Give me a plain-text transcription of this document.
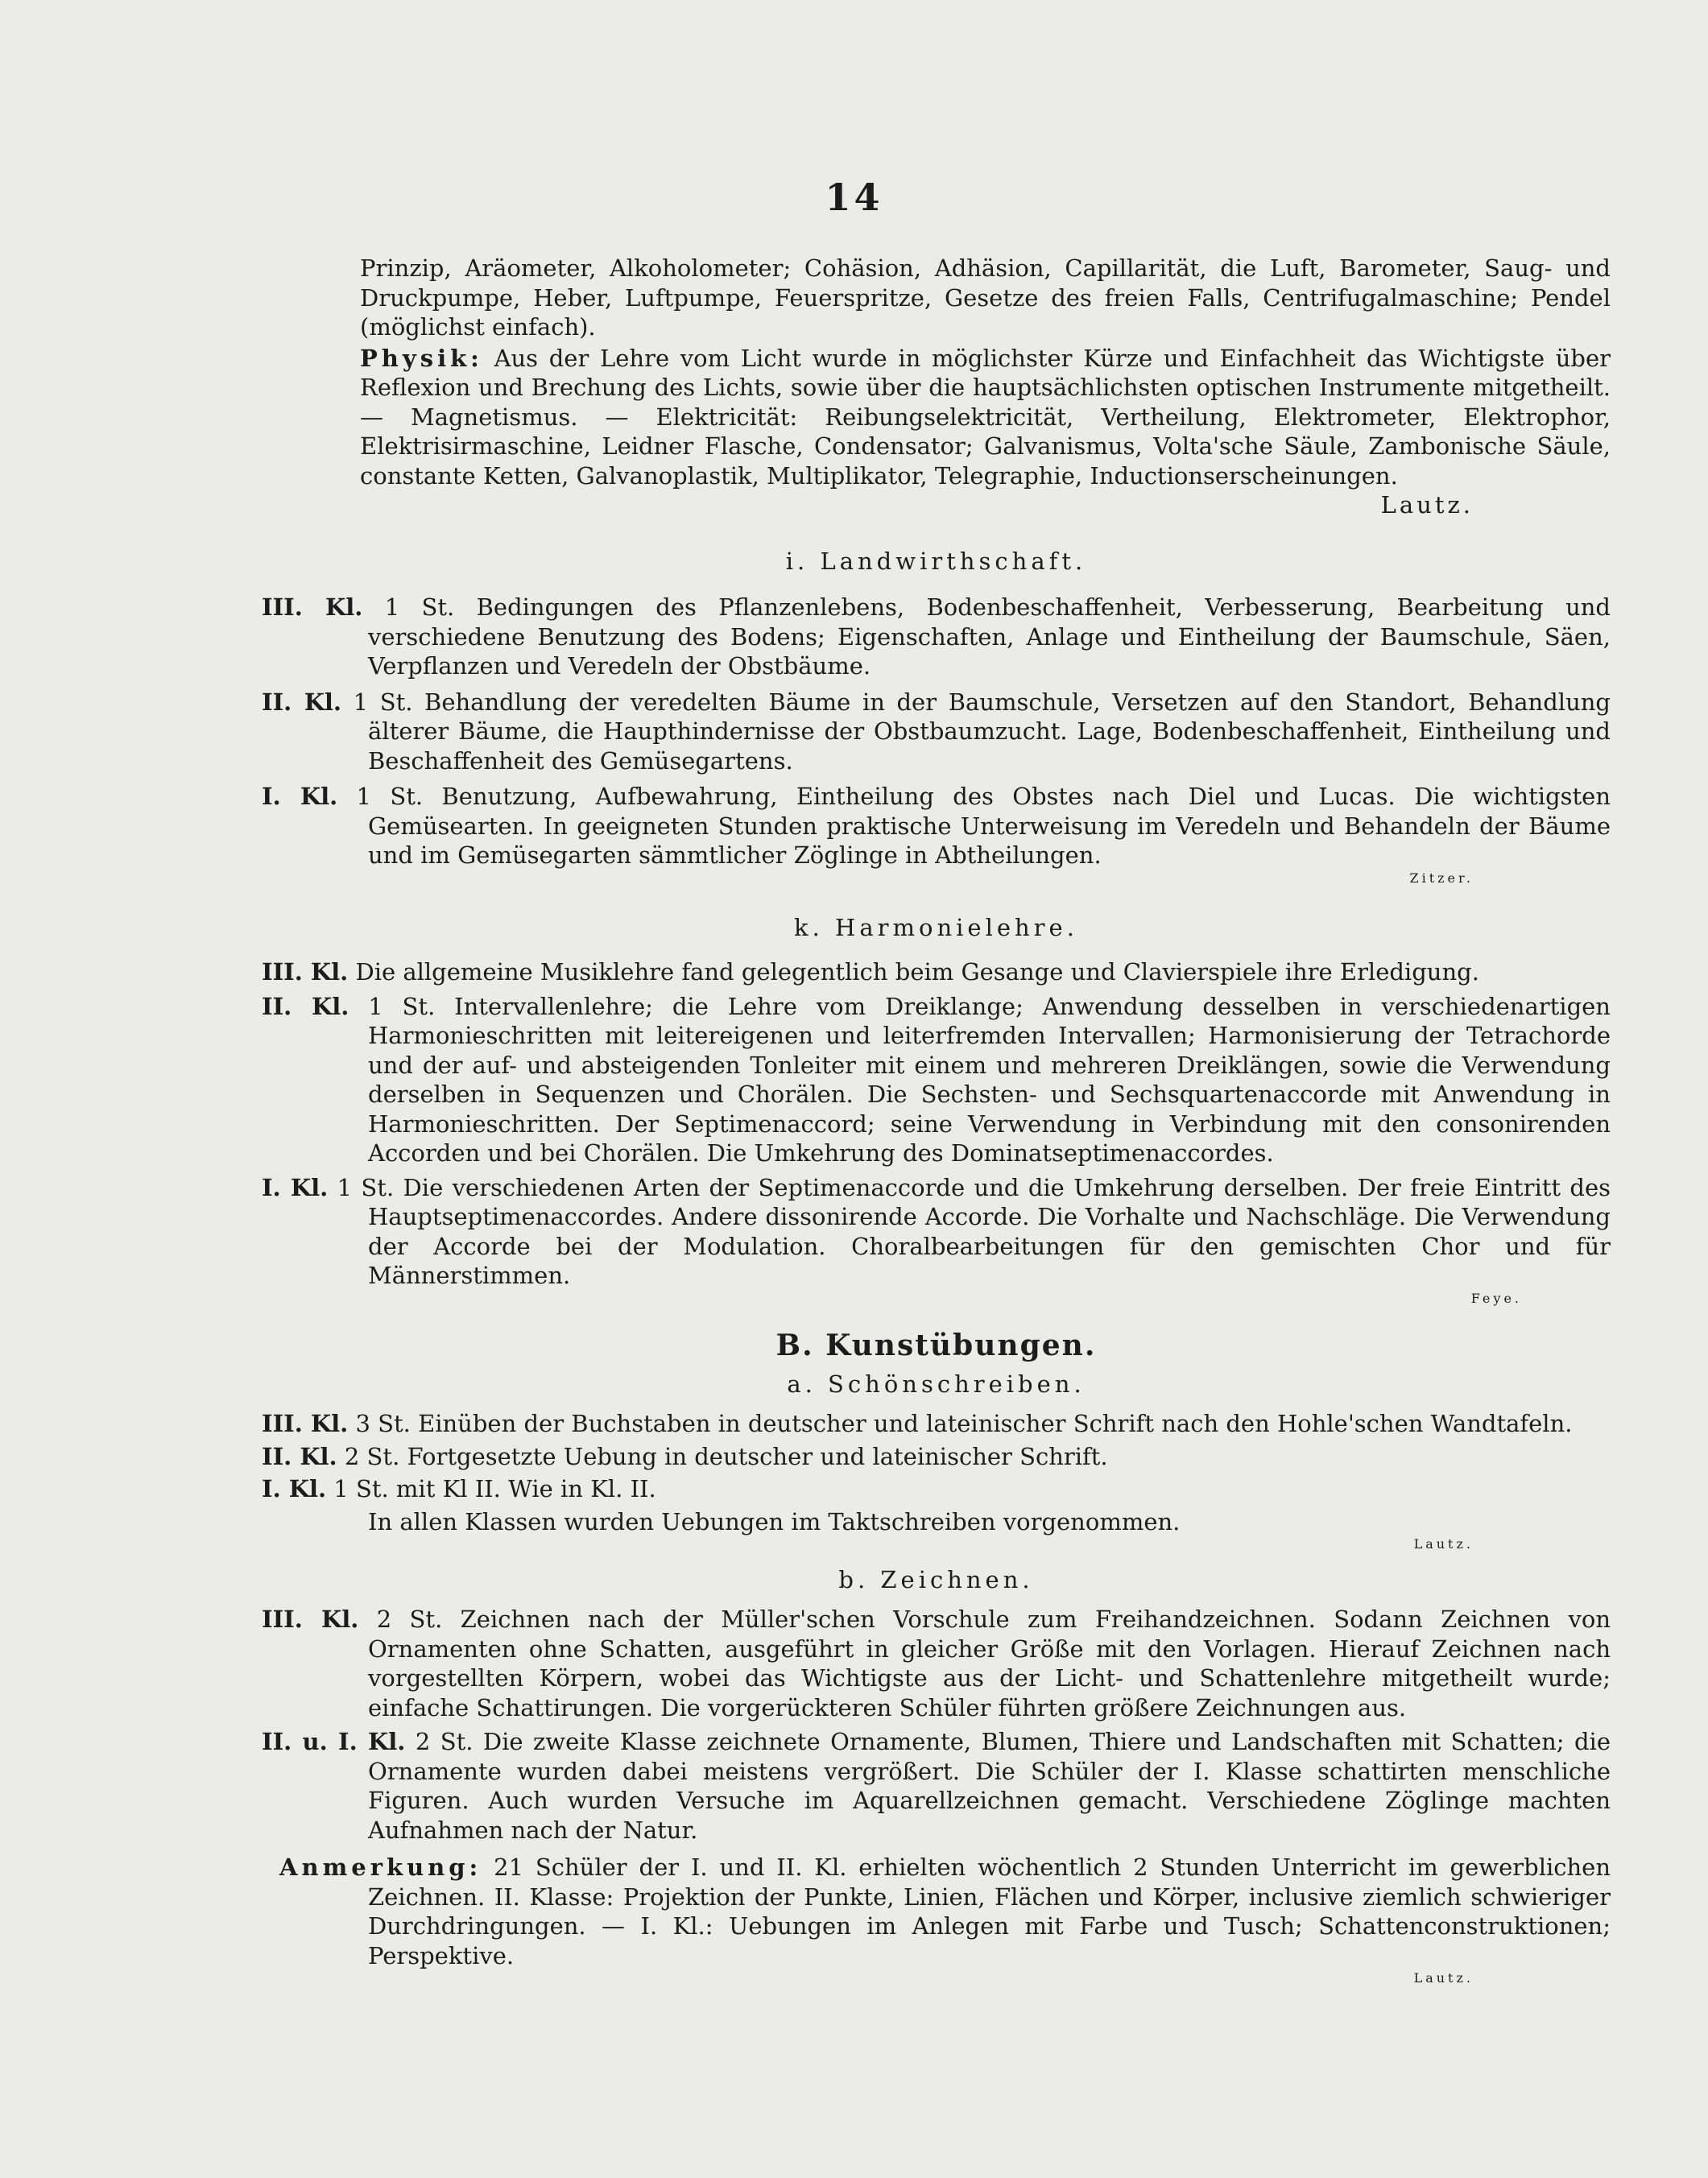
14

Prinzip, Aräometer, Alkoholometer; Cohäsion, Adhäsion, Capillarität, die Luft, Barometer, Saug- und Druckpumpe, Heber, Luftpumpe, Feuerspritze, Gesetze des freien Falls, Centrifugalmaschine; Pendel (möglichst einfach).

Physik: Aus der Lehre vom Licht wurde in möglichster Kürze und Einfachheit das Wichtigste über Reflexion und Brechung des Lichts, sowie über die hauptsächlichsten optischen Instrumente mitgetheilt. — Magnetismus. — Elektricität: Reibungselektricität, Vertheilung, Elektrometer, Elektrophor, Elektrisirmaschine, Leidner Flasche, Condensator; Galvanismus, Volta'sche Säule, Zambonische Säule, constante Ketten, Galvanoplastik, Multiplikator, Telegraphie, Inductionserscheinungen.
Lautz.

i. Landwirthschaft.

III. Kl. 1 St. Bedingungen des Pflanzenlebens, Bodenbeschaffenheit, Verbesserung, Bearbeitung und verschiedene Benutzung des Bodens; Eigenschaften, Anlage und Eintheilung der Baumschule, Säen, Verpflanzen und Veredeln der Obstbäume.

II. Kl. 1 St. Behandlung der veredelten Bäume in der Baumschule, Versetzen auf den Standort, Behandlung älterer Bäume, die Haupthindernisse der Obstbaumzucht. Lage, Bodenbeschaffenheit, Eintheilung und Beschaffenheit des Gemüsegartens.

I. Kl. 1 St. Benutzung, Aufbewahrung, Eintheilung des Obstes nach Diel und Lucas. Die wichtigsten Gemüsearten. In geeigneten Stunden praktische Unterweisung im Veredeln und Behandeln der Bäume und im Gemüsegarten sämmtlicher Zöglinge in Abtheilungen.

Zitzer.

k. Harmonielehre.

III. Kl. Die allgemeine Musiklehre fand gelegentlich beim Gesange und Clavierspiele ihre Erledigung.

II. Kl. 1 St. Intervallenlehre; die Lehre vom Dreiklange; Anwendung desselben in verschiedenartigen Harmonieschritten mit leitereigenen und leiterfremden Intervallen; Harmonisierung der Tetrachorde und der auf- und absteigenden Tonleiter mit einem und mehreren Dreiklängen, sowie die Verwendung derselben in Sequenzen und Chorälen. Die Sechsten- und Sechsquartenaccorde mit Anwendung in Harmonieschritten. Der Septimenaccord; seine Verwendung in Verbindung mit den consonirenden Accorden und bei Chorälen. Die Umkehrung des Dominatseptimenaccordes.

I. Kl. 1 St. Die verschiedenen Arten der Septimenaccorde und die Umkehrung derselben. Der freie Eintritt des Hauptseptimenaccordes. Andere dissonirende Accorde. Die Vorhalte und Nachschläge. Die Verwendung der Accorde bei der Modulation. Choralbearbeitungen für den gemischten Chor und für Männerstimmen.

Feye.

B. Kunstübungen.

a. Schönschreiben.

III. Kl. 3 St. Einüben der Buchstaben in deutscher und lateinischer Schrift nach den Hohle'schen Wandtafeln.

II. Kl. 2 St. Fortgesetzte Uebung in deutscher und lateinischer Schrift.

I. Kl. 1 St. mit Kl II. Wie in Kl. II.

In allen Klassen wurden Uebungen im Taktschreiben vorgenommen.

Lautz.

b. Zeichnen.

III. Kl. 2 St. Zeichnen nach der Müller'schen Vorschule zum Freihandzeichnen. Sodann Zeichnen von Ornamenten ohne Schatten, ausgeführt in gleicher Größe mit den Vorlagen. Hierauf Zeichnen nach vorgestellten Körpern, wobei das Wichtigste aus der Licht- und Schattenlehre mitgetheilt wurde; einfache Schattirungen. Die vorgerückteren Schüler führten größere Zeichnungen aus.

II. u. I. Kl. 2 St. Die zweite Klasse zeichnete Ornamente, Blumen, Thiere und Landschaften mit Schatten; die Ornamente wurden dabei meistens vergrößert. Die Schüler der I. Klasse schattirten menschliche Figuren. Auch wurden Versuche im Aquarellzeichnen gemacht. Verschiedene Zöglinge machten Aufnahmen nach der Natur.

Anmerkung: 21 Schüler der I. und II. Kl. erhielten wöchentlich 2 Stunden Unterricht im gewerblichen Zeichnen. II. Klasse: Projektion der Punkte, Linien, Flächen und Körper, inclusive ziemlich schwieriger Durchdringungen. — I. Kl.: Uebungen im Anlegen mit Farbe und Tusch; Schattenconstruktionen; Perspektive.

Lautz.
